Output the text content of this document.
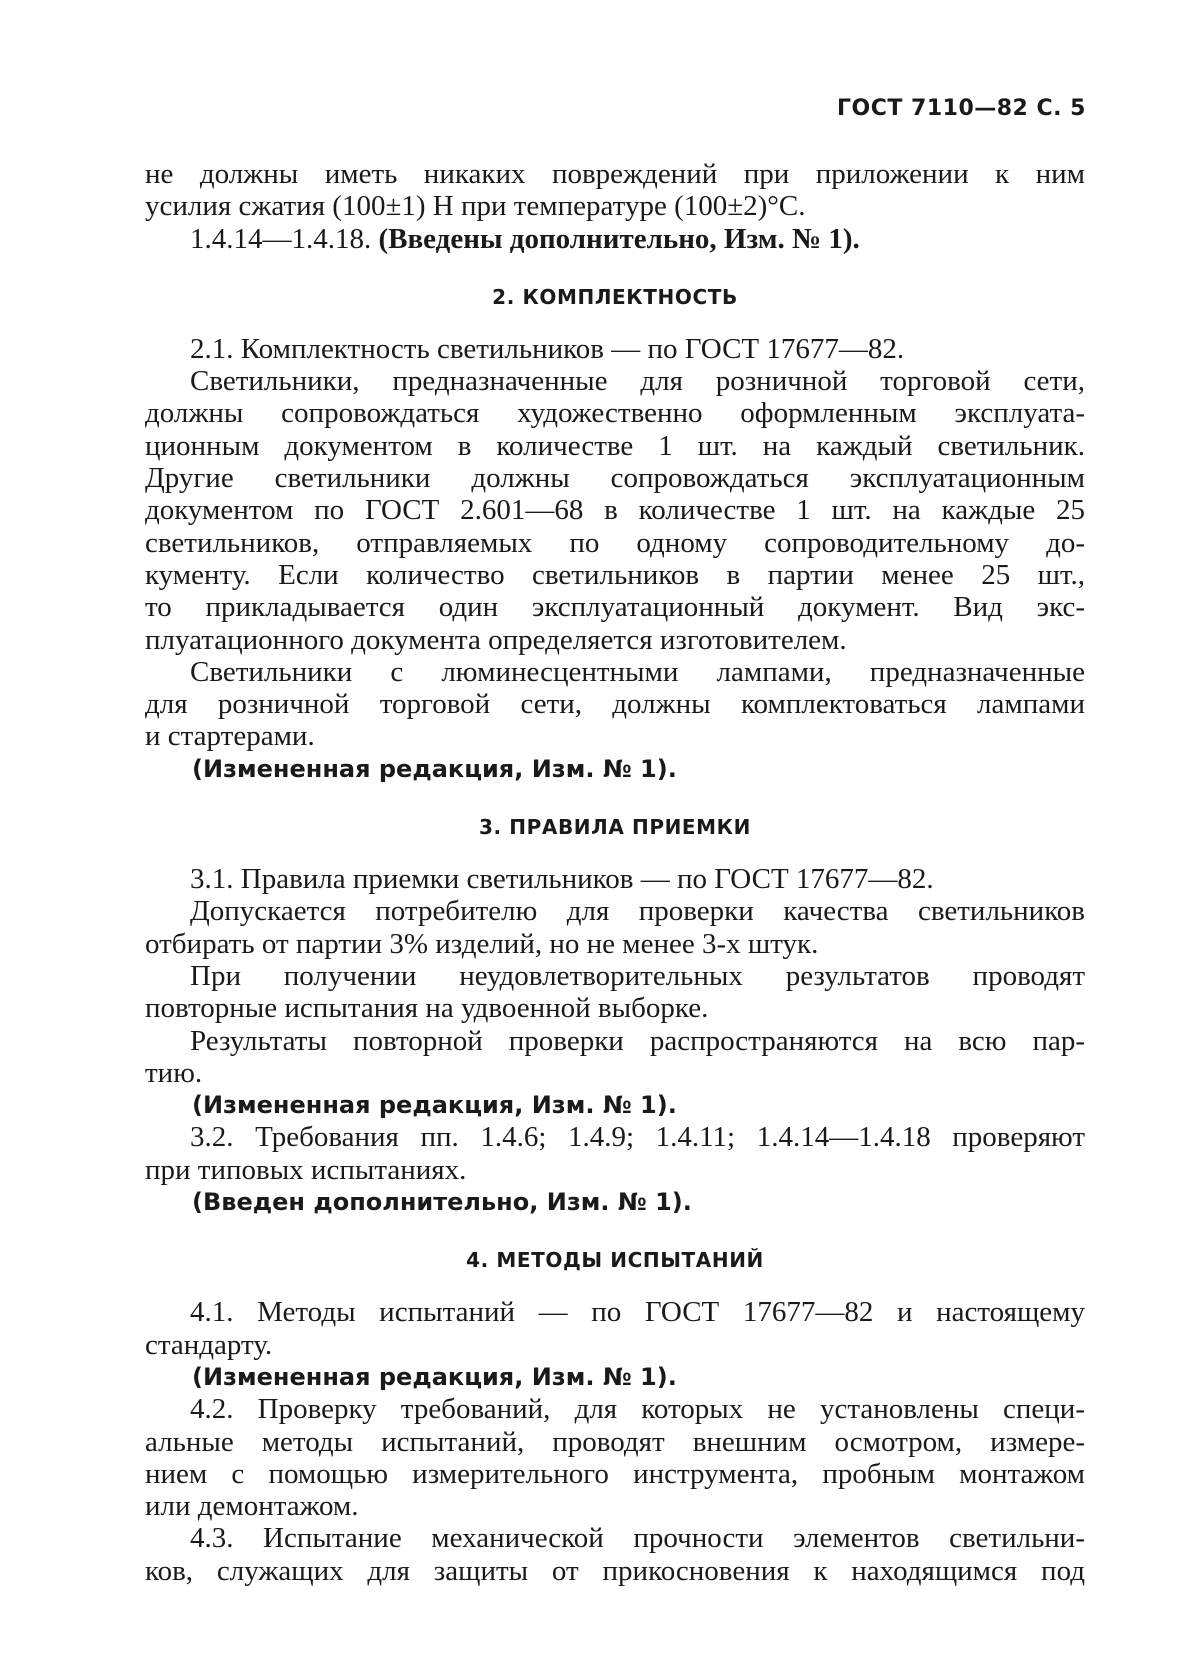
ГОСТ 7110—82 С. 5
не должны иметь никаких повреждений при приложении к ним
усилия сжатия (100±1) Н при температуре (100±2)°С.
1.4.14—1.4.18. (Введены дополнительно, Изм. № 1).
2. КОМПЛЕКТНОСТЬ
2.1. Комплектность светильников — по ГОСТ 17677—82.
Светильники, предназначенные для розничной торговой сети,
должны сопровождаться художественно оформленным эксплуата-
ционным документом в количестве 1 шт. на каждый светильник.
Другие светильники должны сопровождаться эксплуатационным
документом по ГОСТ 2.601—68 в количестве 1 шт. на каждые 25
светильников, отправляемых по одному сопроводительному до-
кументу. Если количество светильников в партии менее 25 шт.,
то прикладывается один эксплуатационный документ. Вид экс-
плуатационного документа определяется изготовителем.
Светильники с люминесцентными лампами, предназначенные
для розничной торговой сети, должны комплектоваться лампами
и стартерами.
(Измененная редакция, Изм. № 1).
3. ПРАВИЛА ПРИЕМКИ
3.1. Правила приемки светильников — по ГОСТ 17677—82.
Допускается потребителю для проверки качества светильников
отбирать от партии 3% изделий, но не менее 3-х штук.
При получении неудовлетворительных результатов проводят
повторные испытания на удвоенной выборке.
Результаты повторной проверки распространяются на всю пар-
тию.
(Измененная редакция, Изм. № 1).
3.2. Требования пп. 1.4.6; 1.4.9; 1.4.11; 1.4.14—1.4.18 проверяют
при типовых испытаниях.
(Введен дополнительно, Изм. № 1).
4. МЕТОДЫ ИСПЫТАНИЙ
4.1. Методы испытаний — по ГОСТ 17677—82 и настоящему
стандарту.
(Измененная редакция, Изм. № 1).
4.2. Проверку требований, для которых не установлены специ-
альные методы испытаний, проводят внешним осмотром, измере-
нием с помощью измерительного инструмента, пробным монтажом
или демонтажом.
4.3. Испытание механической прочности элементов светильни-
ков, служащих для защиты от прикосновения к находящимся под
